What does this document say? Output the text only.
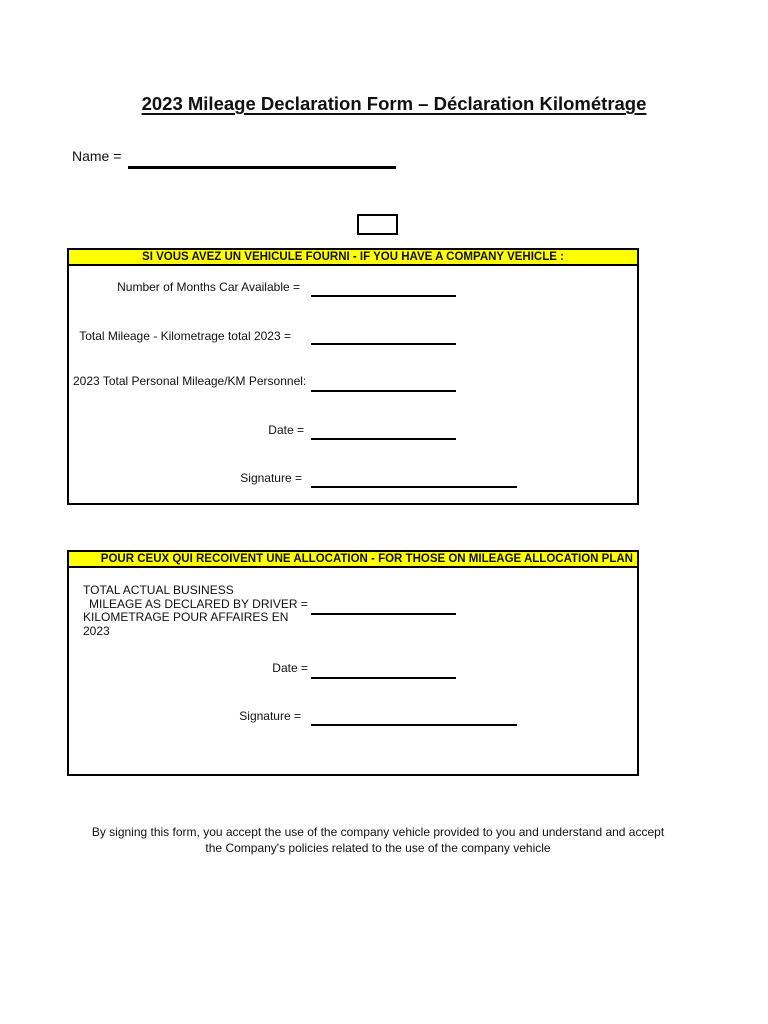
2023 Mileage Declaration Form – Déclaration Kilométrage
Name =
SI VOUS AVEZ UN VEHICULE FOURNI - IF YOU HAVE A COMPANY VEHICLE :
Number of Months Car Available =
Total Mileage - Kilometrage total 2023 =
2023 Total Personal Mileage/KM Personnel:
Date =
Signature =
POUR CEUX QUI RECOIVENT UNE ALLOCATION - FOR THOSE ON MILEAGE ALLOCATION PLAN
TOTAL ACTUAL BUSINESS
MILEAGE AS DECLARED BY DRIVER =
KILOMETRAGE POUR AFFAIRES EN
2023
Date =
Signature =
By signing this form, you accept the use of the company vehicle provided to you and understand and accept
the Company's policies related to the use of the company vehicle
